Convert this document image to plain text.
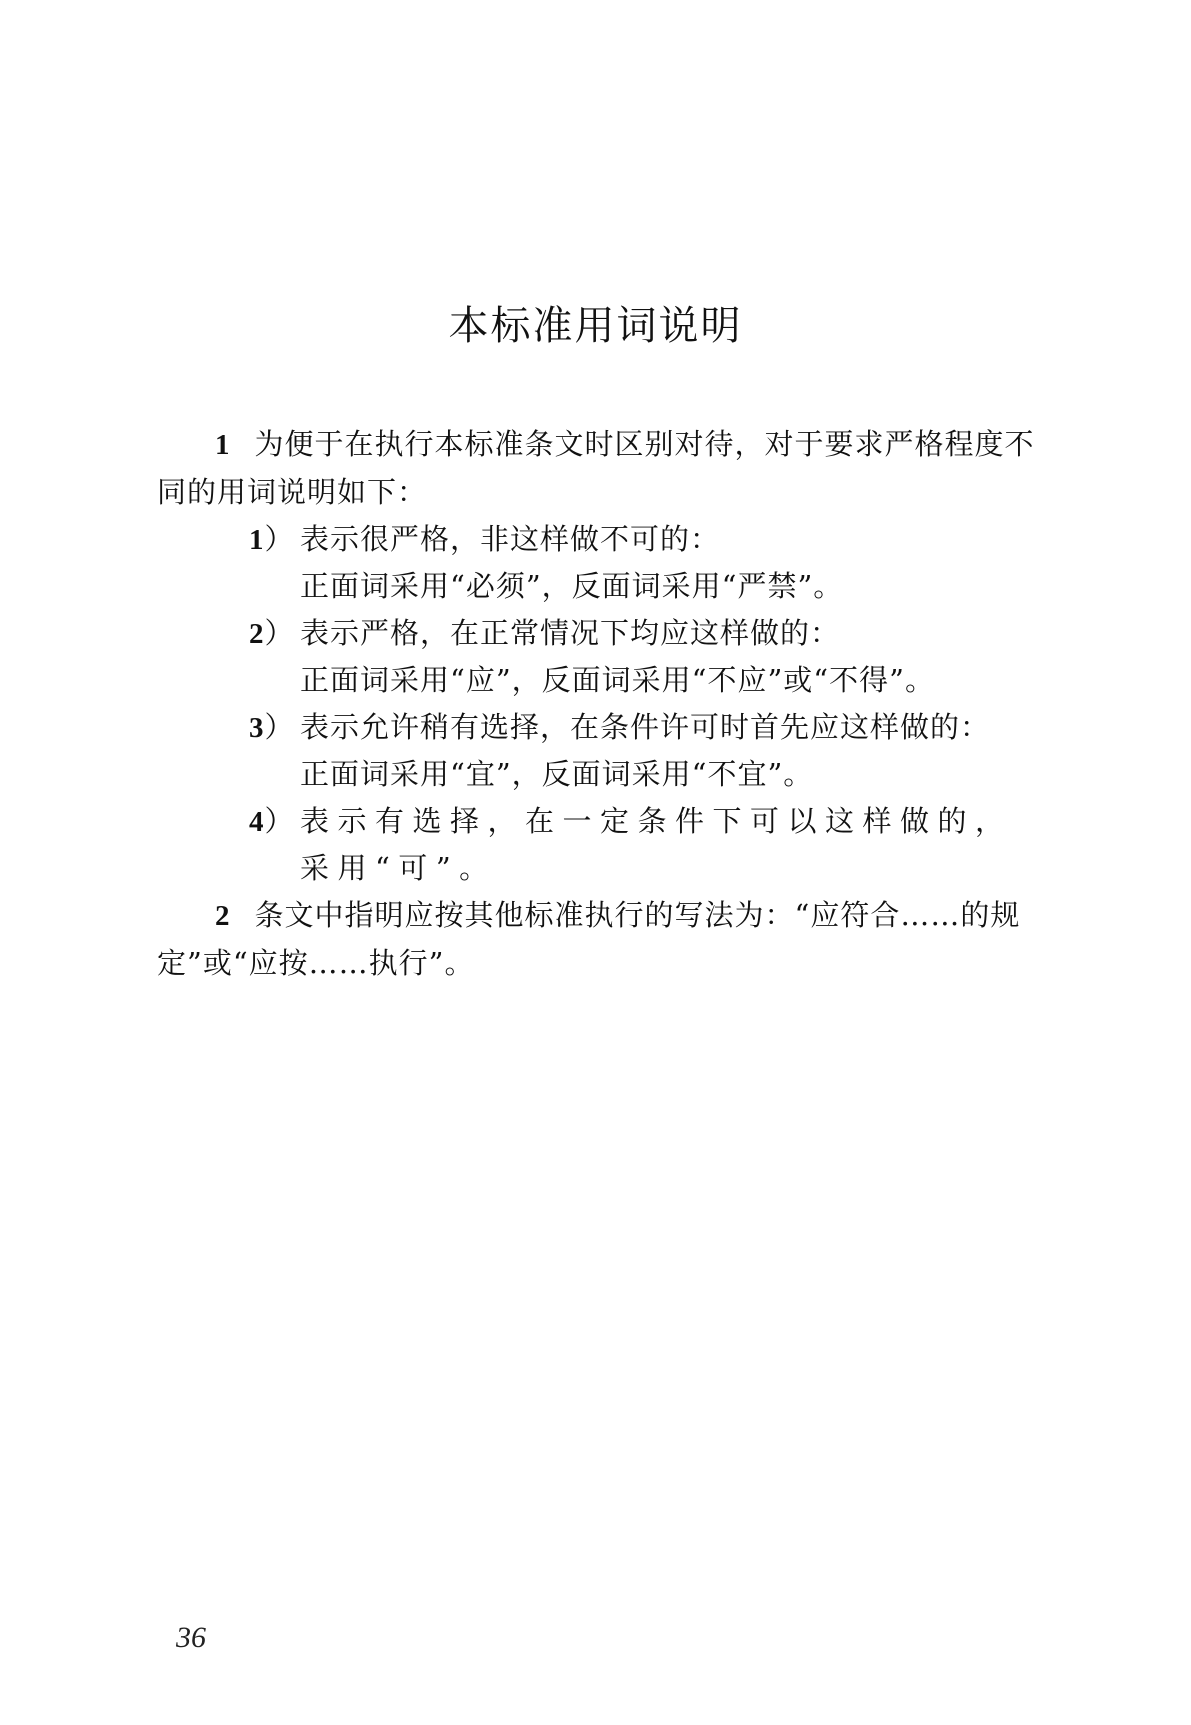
本标准用词说明

1 为便于在执行本标准条文时区别对待，对于要求严格程度不同的用词说明如下：

1） 表示很严格，非这样做不可的：
正面词采用“必须”，反面词采用“严禁”。
2） 表示严格，在正常情况下均应这样做的：
正面词采用“应”，反面词采用“不应”或“不得”。
3） 表示允许稍有选择，在条件许可时首先应这样做的：
正面词采用“宜”，反面词采用“不宜”。
4） 表示有选择，在一定条件下可以这样做的，采用“可”。

2 条文中指明应按其他标准执行的写法为：“应符合……的规定”或“应按……执行”。

36
